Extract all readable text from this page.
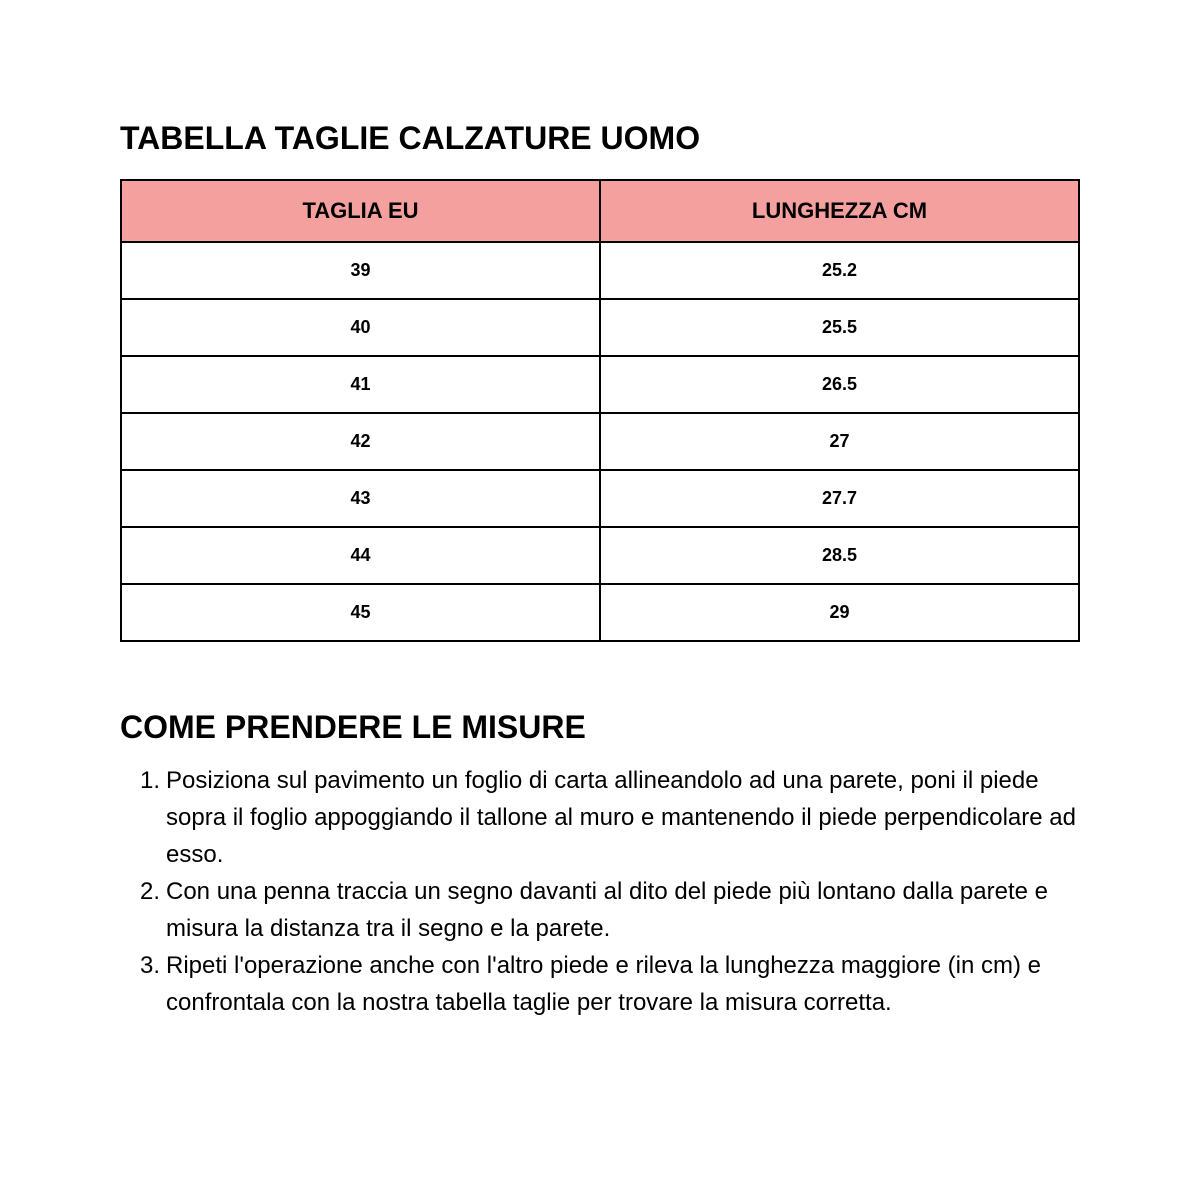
TABELLA TAGLIE CALZATURE UOMO
TAGLIA EU	LUNGHEZZA CM
39	25.2
40	25.5
41	26.5
42	27
43	27.7
44	28.5
45	29
COME PRENDERE LE MISURE
1. Posiziona sul pavimento un foglio di carta allineandolo ad una parete, poni il piede sopra il foglio appoggiando il tallone al muro e mantenendo il piede perpendicolare ad esso.
2. Con una penna traccia un segno davanti al dito del piede più lontano dalla parete e misura la distanza tra il segno e la parete.
3. Ripeti l'operazione anche con l'altro piede e rileva la lunghezza maggiore (in cm) e confrontala con la nostra tabella taglie per trovare la misura corretta.
